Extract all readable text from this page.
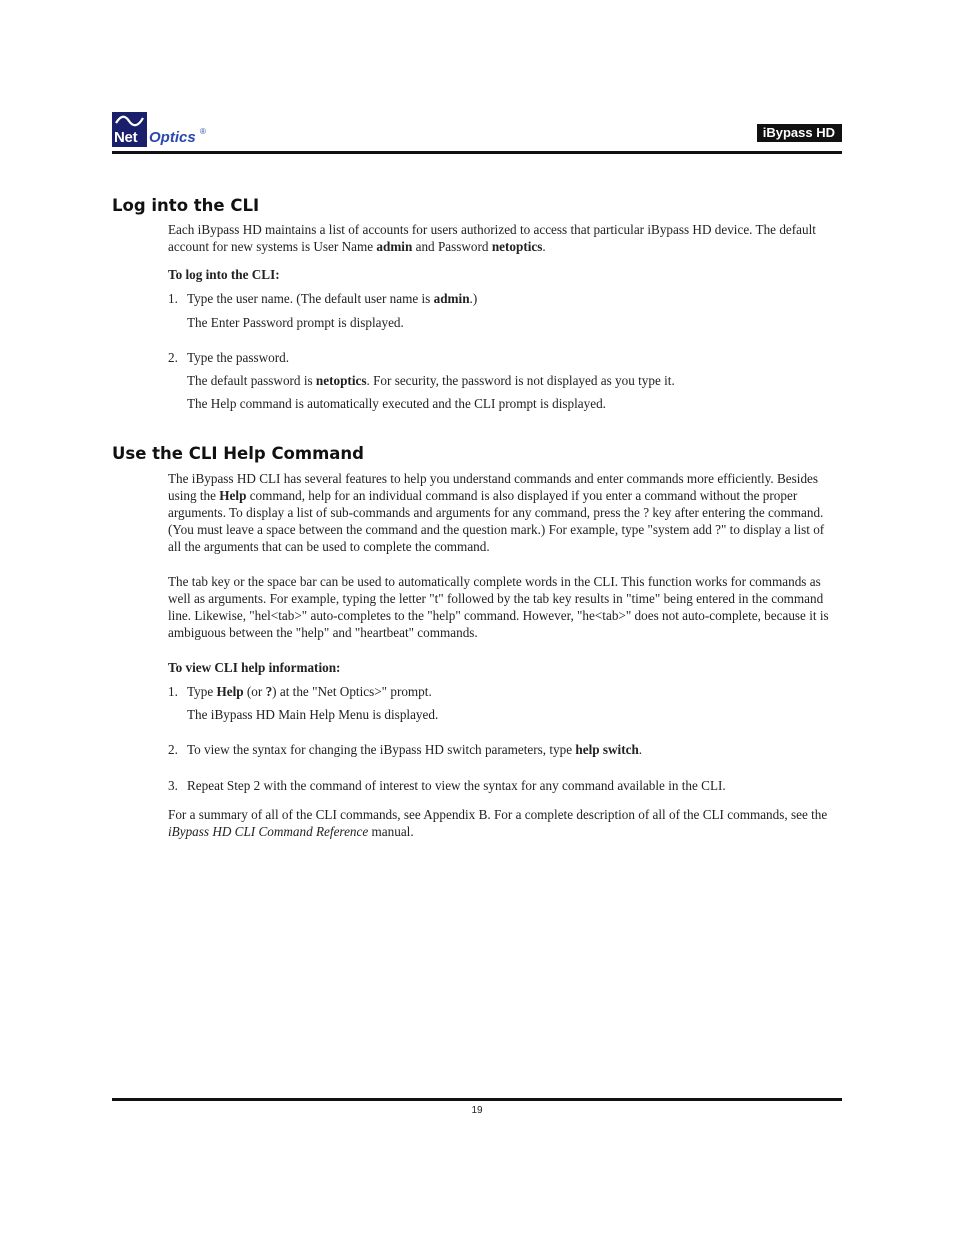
Net Optics ®	iBypass HD
Log into the CLI

Each iBypass HD maintains a list of accounts for users authorized to access that particular iBypass HD device. The default account for new systems is User Name admin and Password netoptics.

To log into the CLI:

1. Type the user name. (The default user name is admin.)

The Enter Password prompt is displayed.

2. Type the password.

The default password is netoptics. For security, the password is not displayed as you type it.

The Help command is automatically executed and the CLI prompt is displayed.

Use the CLI Help Command

The iBypass HD CLI has several features to help you understand commands and enter commands more efficiently. Besides using the Help command, help for an individual command is also displayed if you enter a command without the proper arguments. To display a list of sub-commands and arguments for any command, press the ? key after entering the command. (You must leave a space between the command and the question mark.) For example, type "system add ?" to display a list of all the arguments that can be used to complete the command.

The tab key or the space bar can be used to automatically complete words in the CLI. This function works for commands as well as arguments. For example, typing the letter "t" followed by the tab key results in "time" being entered in the command line. Likewise, "hel<tab>" auto-completes to the "help" command. However, "he<tab>" does not auto-complete, because it is ambiguous between the "help" and "heartbeat" commands.

To view CLI help information:

1. Type Help (or ?) at the "Net Optics>" prompt.

The iBypass HD Main Help Menu is displayed.

2. To view the syntax for changing the iBypass HD switch parameters, type help switch.
3. Repeat Step 2 with the command of interest to view the syntax for any command available in the CLI.

For a summary of all of the CLI commands, see Appendix B. For a complete description of all of the CLI commands, see the iBypass HD CLI Command Reference manual.

19
